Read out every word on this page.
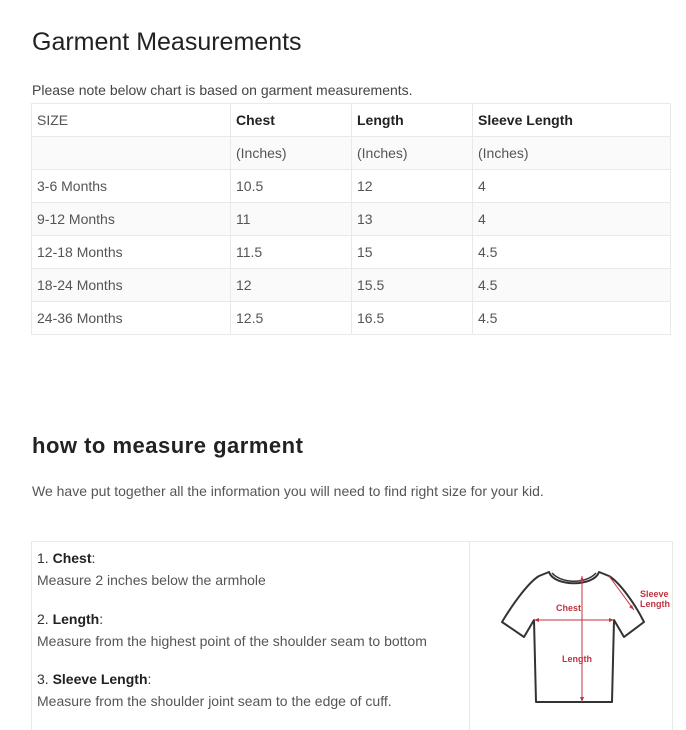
Garment Measurements

Please note below chart is based on garment measurements.

SIZE	Chest	Length	Sleeve Length
	(Inches)	(Inches)	(Inches)
3-6 Months	10.5	12	4
9-12 Months	11	13	4
12-18 Months	11.5	15	4.5
18-24 Months	12	15.5	4.5
24-36 Months	12.5	16.5	4.5
how to measure garment

We have put together all the information you will need to find right size for your kid.

1. Chest:
Measure 2 inches below the armhole
2. Length:
Measure from the highest point of the shoulder seam to bottom
3. Sleeve Length:
Measure from the shoulder joint seam to the edge of cuff.
Chest
Length
Sleeve
Length
